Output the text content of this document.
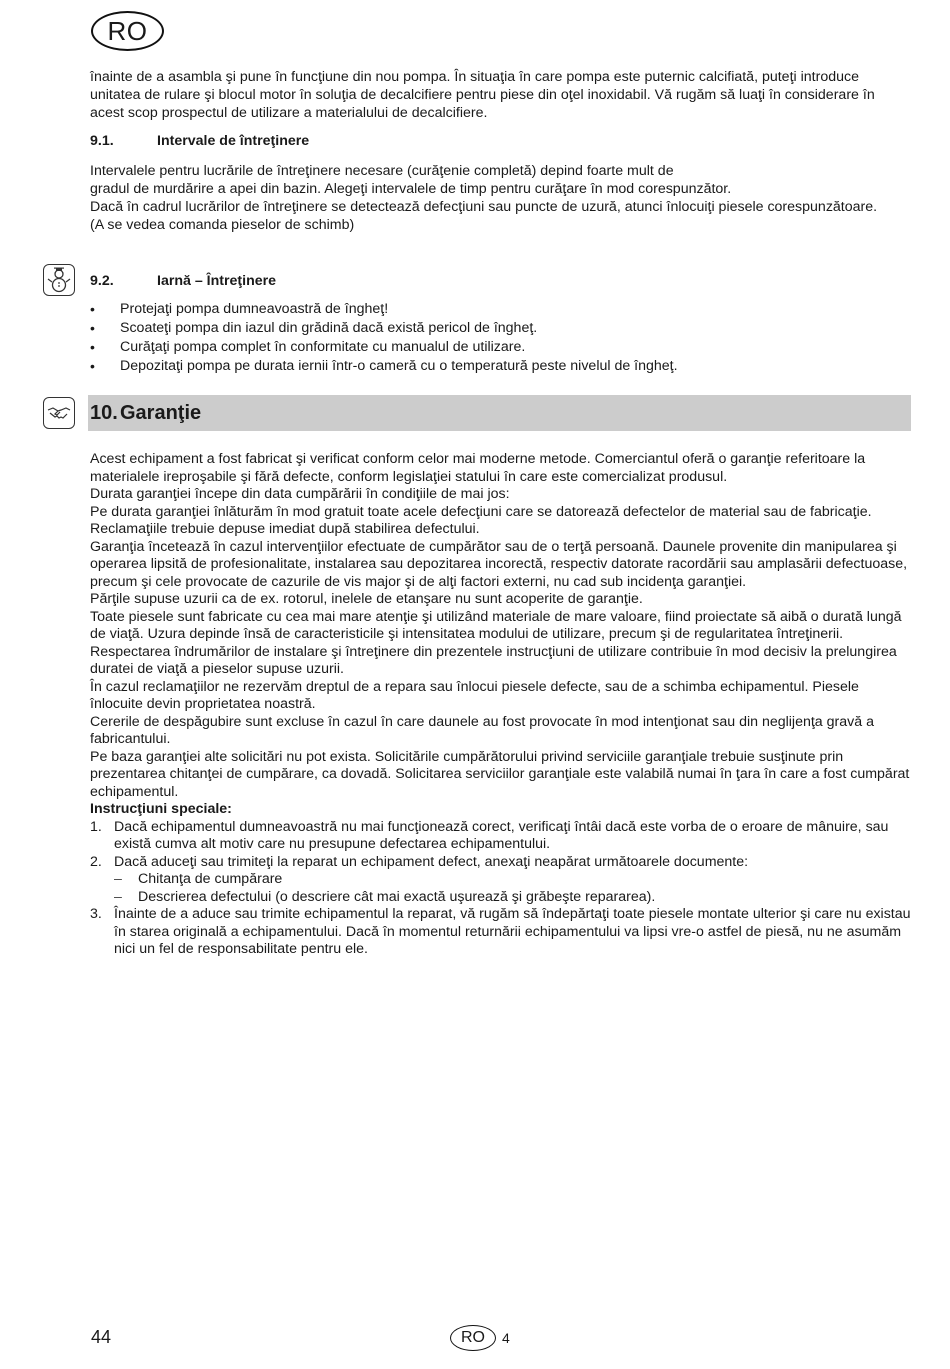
RO

înainte de a asambla şi pune în funcţiune din nou pompa. În situaţia în care pompa este puternic calcifiată, puteţi introduce unitatea de rulare şi blocul motor în soluţia de decalcifiere pentru piese din oţel inoxidabil. Vă rugăm să luaţi în considerare în acest scop prospectul de utilizare a materialului de decalcifiere.

9.1.	Intervale de întreţinere

Intervalele pentru lucrările de întreţinere necesare (curăţenie completă) depind foarte mult de

gradul de murdărire a apei din bazin. Alegeţi intervalele de timp pentru curăţare în mod corespunzător.

Dacă în cadrul lucrărilor de întreţinere se detectează defecţiuni sau puncte de uzură, atunci înlocuiţi piesele corespunzătoare.

(A se vedea comanda pieselor de schimb)

9.2.	Iarnă – Întreţinere
• Protejaţi pompa dumneavoastră de îngheţ!
• Scoateţi pompa din iazul din grădină dacă există pericol de îngheţ.
• Curăţaţi pompa complet în conformitate cu manualul de utilizare.
• Depozitaţi pompa pe durata iernii într-o cameră cu o temperatură peste nivelul de îngheţ.
10. Garanţie

Acest echipament a fost fabricat şi verificat conform celor mai moderne metode. Comerciantul oferă o garanţie referitoare la materialele ireproşabile şi fără defecte, conform legislaţiei statului în care este comercializat produsul.

Durata garanţiei începe din data cumpărării în condiţiile de mai jos:

Pe durata garanţiei înlăturăm în mod gratuit toate acele defecţiuni care se datorează defectelor de material sau de fabricaţie. Reclamaţiile trebuie depuse imediat după stabilirea defectului.

Garanţia încetează în cazul intervenţiilor efectuate de cumpărător sau de o terţă persoană. Daunele provenite din manipularea şi operarea lipsită de profesionalitate, instalarea sau depozitarea incorectă, respectiv datorate racordării sau amplasării defectuoase, precum şi cele provocate de cazurile de vis major şi de alţi factori externi, nu cad sub incidenţa garanţiei.

Părţile supuse uzurii ca de ex. rotorul, inelele de etanşare nu sunt acoperite de garanţie.

Toate piesele sunt fabricate cu cea mai mare atenţie şi utilizând materiale de mare valoare, fiind proiectate să aibă o durată lungă de viaţă. Uzura depinde însă de caracteristicile şi intensitatea modului de utilizare, precum şi de regularitatea întreţinerii. Respectarea îndrumărilor de instalare şi întreţinere din prezentele instrucţiuni de utilizare contribuie în mod decisiv la prelungirea duratei de viaţă a pieselor supuse uzurii.

În cazul reclamaţiilor ne rezervăm dreptul de a repara sau înlocui piesele defecte, sau de a schimba echipamentul. Piesele înlocuite devin proprietatea noastră.

Cererile de despăgubire sunt excluse în cazul în care daunele au fost provocate în mod intenţionat sau din neglijenţa gravă a fabricantului.

Pe baza garanţiei alte solicitări nu pot exista. Solicitările cumpărătorului privind serviciile garanţiale trebuie susţinute prin prezentarea chitanţei de cumpărare, ca dovadă. Solicitarea serviciilor garanţiale este valabilă numai în ţara în care a fost cumpărat echipamentul.

Instrucţiuni speciale:

1. Dacă echipamentul dumneavoastră nu mai funcţionează corect, verificaţi întâi dacă este vorba de o eroare de mânuire, sau există cumva alt motiv care nu presupune defectarea echipamentului.
2. Dacă aduceţi sau trimiteţi la reparat un echipament defect, anexaţi neapărat următoarele documente:
– Chitanţa de cumpărare
– Descrierea defectului (o descriere cât mai exactă uşurează şi grăbeşte repararea).
3. Înainte de a aduce sau trimite echipamentul la reparat, vă rugăm să îndepărtaţi toate piesele montate ulterior şi care nu existau în starea originală a echipamentului. Dacă în momentul returnării echipamentului va lipsi vre-o astfel de piesă, nu ne asumăm nici un fel de responsabilitate pentru ele.
44	RO	4
